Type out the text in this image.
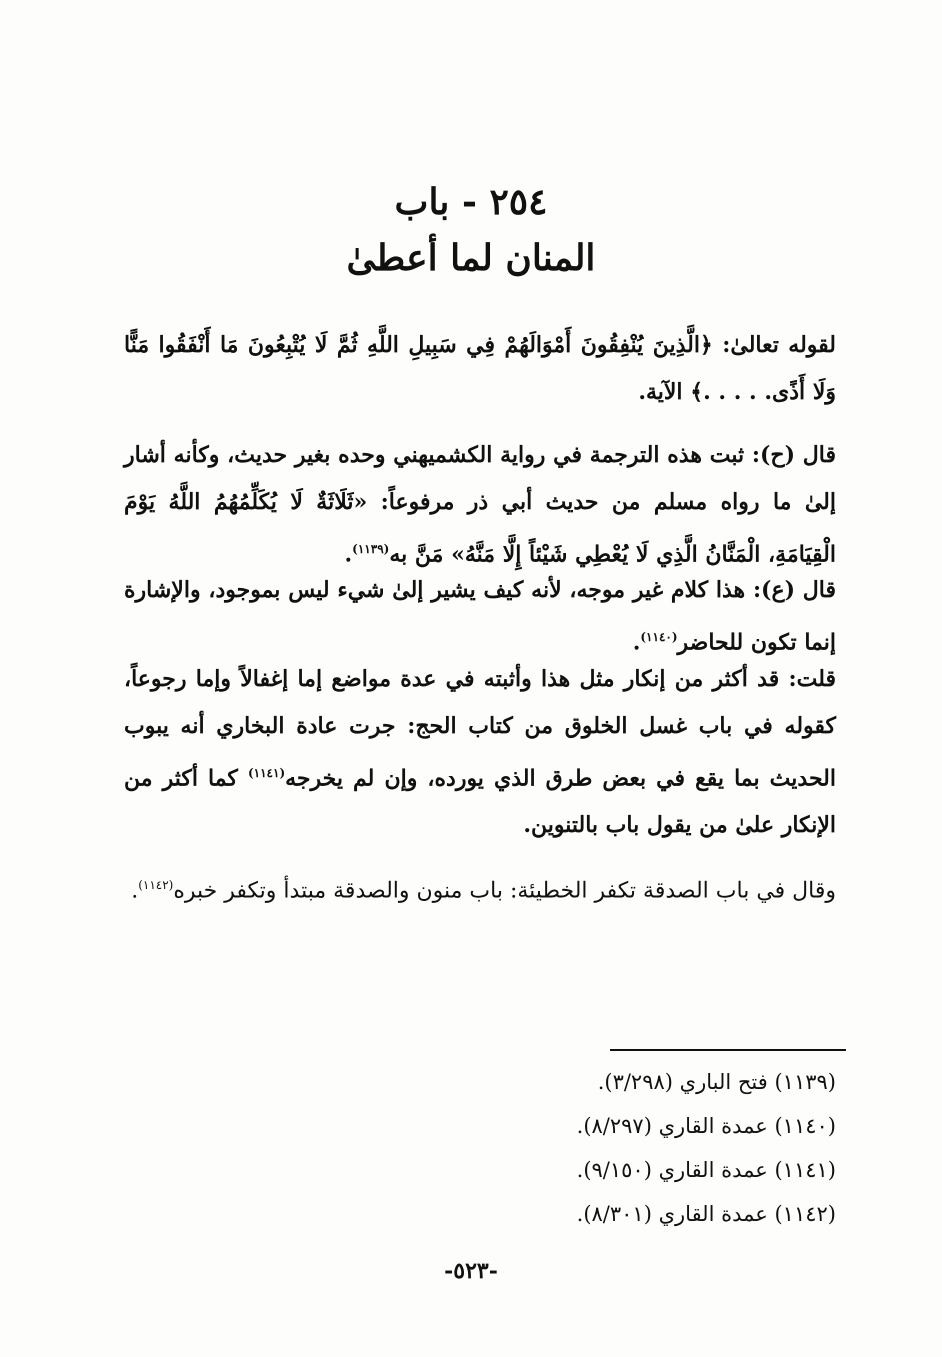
٢٥٤ - باب
المنان لما أعطىٰ
لقوله تعالىٰ: ﴿الَّذِينَ يُنْفِقُونَ أَمْوَالَهُمْ فِي سَبِيلِ اللَّهِ ثُمَّ لَا يُتْبِعُونَ مَا أَنْفَقُوا مَنًّا وَلَا أَذًى. . . . .﴾ الآية.
قال (ح): ثبت هذه الترجمة في رواية الكشميهني وحده بغير حديث، وكأنه أشار إلىٰ ما رواه مسلم من حديث أبي ذر مرفوعاً: «ثَلَاثَةٌ لَا يُكَلِّمُهُمُ اللَّهُ يَوْمَ الْقِيَامَةِ، الْمَنَّانُ الَّذِي لَا يُعْطِي شَيْئاً إِلَّا مَنَّهُ» مَنَّ به$^{(١١٣٩)}$.
قال (ع): هذا كلام غير موجه، لأنه كيف يشير إلىٰ شيء ليس بموجود، والإشارة إنما تكون للحاضر$^{(١١٤٠)}$.
قلت: قد أكثر من إنكار مثل هذا وأثبته في عدة مواضع إما إغفالاً وإما رجوعاً، كقوله في باب غسل الخلوق من كتاب الحج: جرت عادة البخاري أنه يبوب الحديث بما يقع في بعض طرق الذي يورده، وإن لم يخرجه$^{(١١٤١)}$ كما أكثر من الإنكار علىٰ من يقول باب بالتنوين.
وقال في باب الصدقة تكفر الخطيئة: باب منون والصدقة مبتدأ وتكفر خبره$^{(١١٤٢)}$.
(١١٣٩) فتح الباري (٣/٢٩٨).
(١١٤٠) عمدة القاري (٨/٢٩٧).
(١١٤١) عمدة القاري (٩/١٥٠).
(١١٤٢) عمدة القاري (٨/٣٠١).
-٥٢٣-
